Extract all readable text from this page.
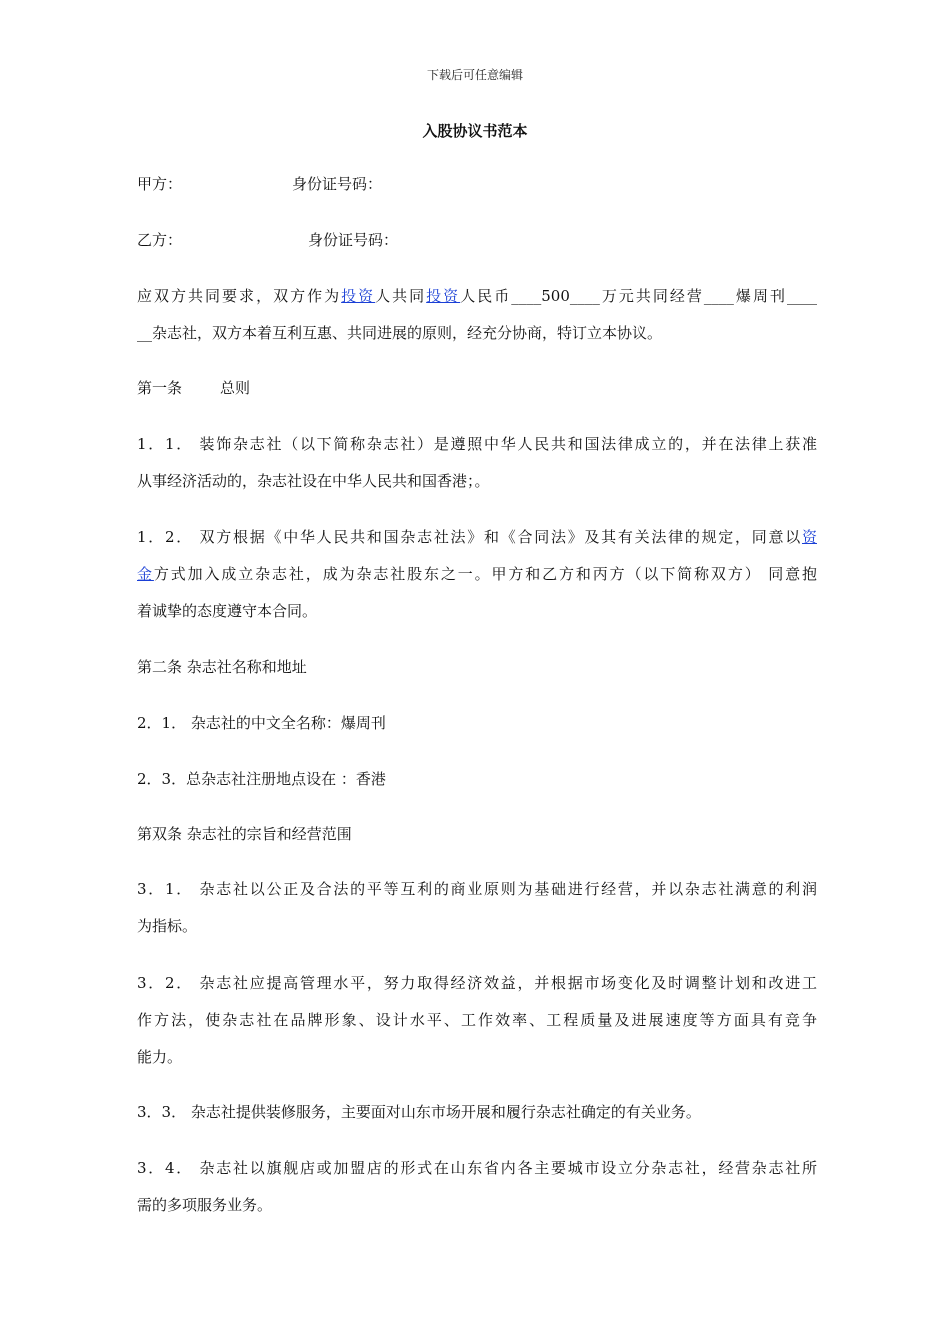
下载后可任意编辑
入股协议书范本
甲方：	身份证号码：
乙方：	身份证号码：
应双方共同要求，双方作为投资人共同投资人民币____500____万元共同经营____爆周刊____
__杂志社，双方本着互利互惠、共同进展的原则，经充分协商，特订立本协议。
第一条	总则
1．1． 装饰杂志社（以下简称杂志社）是遵照中华人民共和国法律成立的，并在法律上获准
从事经济活动的，杂志社设在中华人民共和国香港；。
1．2． 双方根据《中华人民共和国杂志社法》和《合同法》及其有关法律的规定，同意以资
金方式加入成立杂志社，成为杂志社股东之一。甲方和乙方和丙方（以下简称双方） 同意抱
着诚挚的态度遵守本合同。
第二条 杂志社名称和地址
2．1． 杂志社的中文全名称：爆周刊
2．3．总杂志社注册地点设在 ：香港
第双条 杂志社的宗旨和经营范围
3．1． 杂志社以公正及合法的平等互利的商业原则为基础进行经营，并以杂志社满意的利润
为指标。
3．2． 杂志社应提高管理水平，努力取得经济效益，并根据市场变化及时调整计划和改进工
作方法，使杂志社在品牌形象、设计水平、工作效率、工程质量及进展速度等方面具有竞争
能力。
3．3． 杂志社提供装修服务，主要面对山东市场开展和履行杂志社确定的有关业务。
3．4． 杂志社以旗舰店或加盟店的形式在山东省内各主要城市设立分杂志社，经营杂志社所
需的多项服务业务。
